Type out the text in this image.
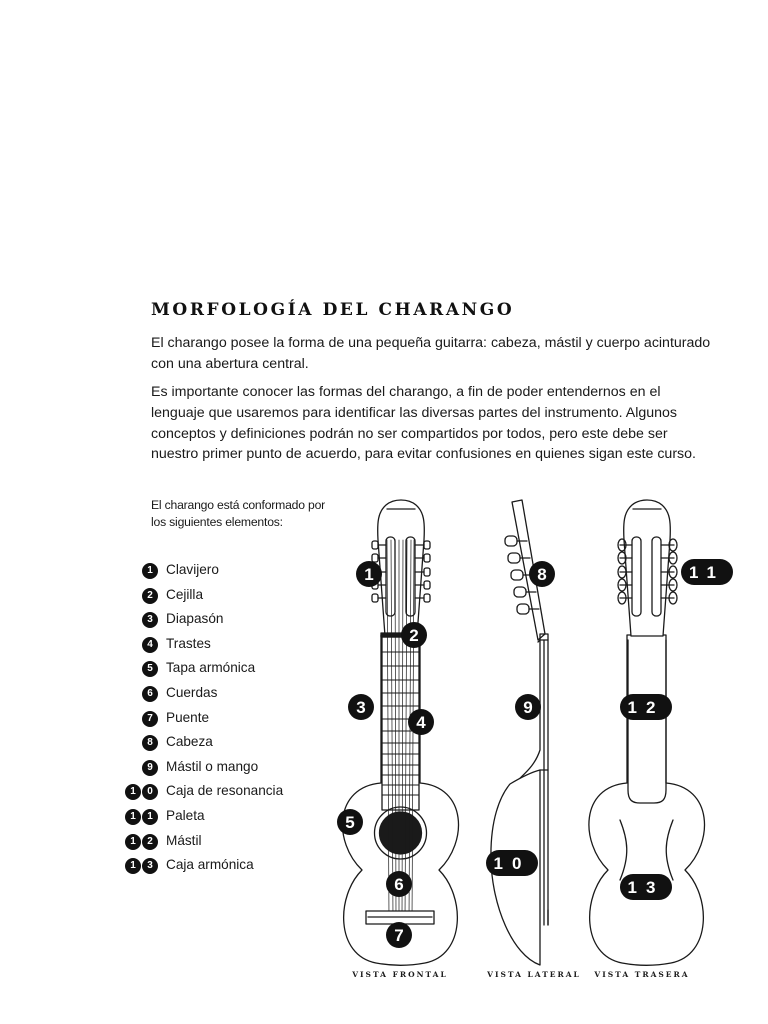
MORFOLOGÍA DEL CHARANGO

El charango posee la forma de una pequeña guitarra: cabeza, mástil y cuerpo acinturado con una abertura central.

Es importante conocer las formas del charango, a fin de poder entendernos en el lenguaje que usaremos para identificar las diversas partes del instrumento. Algunos conceptos y definiciones podrán no ser compartidos por todos, pero este debe ser nuestro primer punto de acuerdo, para evitar confusiones en quienes sigan este curso.

El charango está conformado por los siguientes elementos:

1 Clavijero
2 Cejilla
3 Diapasón
4 Trastes
5 Tapa armónica
6 Cuerdas
7 Puente
8 Cabeza
9 Mástil o mango
1	0 Caja de resonancia
1	1 Paleta
1	2 Mástil
1	3 Caja armónica
1
2
3
4
5
6
7
8
9
10
11
12
13
VISTA FRONTAL	VISTA LATERAL VISTA TRASERA
